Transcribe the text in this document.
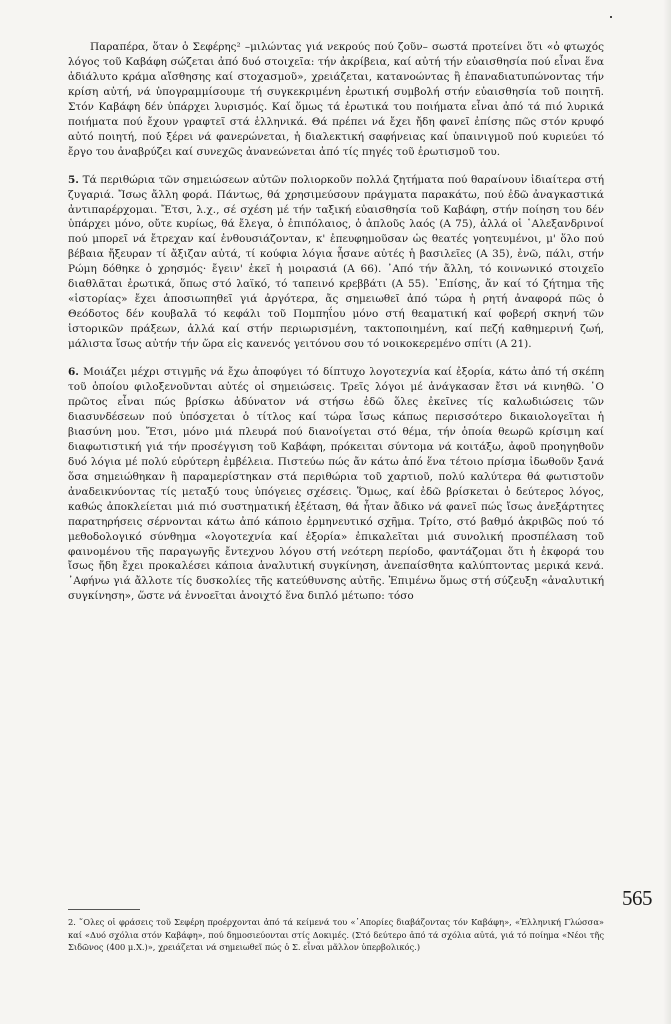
Παραπέρα, ὅταν ὁ Σεφέρης² –μιλώντας γιά νεκρούς πού ζοῦν– σωστά προτείνει ὅτι «ὁ φτωχός λόγος τοῦ Καβάφη σώζεται ἀπό δυό στοιχεῖα: τήν ἀκρίβεια, καί αὐτή τήν εὐαισθησία πού εἶναι ἕνα ἀδιάλυτο κράμα αἴσθησης καί στοχασμοῦ», χρειάζεται, κατανοώντας ἢ ἐπαναδιατυπώνοντας τήν κρίση αὐτή, νά ὑπογραμμίσουμε τή συγκεκριμένη ἐρωτική συμβολή στήν εὐαισθησία τοῦ ποιητῆ. Στόν Καβάφη δέν ὑπάρχει λυρισμός. Καί ὅμως τά ἐρωτικά του ποιήματα εἶναι ἀπό τά πιό λυρικά ποιήματα πού ἔχουν γραφτεῖ στά ἑλληνικά. Θά πρέπει νά ἔχει ἤδη φανεῖ ἐπίσης πῶς στόν κρυφό αὐτό ποιητή, πού ξέρει νά φανερώνεται, ἡ διαλεκτική σαφήνειας καί ὑπαινιγμοῦ πού κυριεύει τό ἔργο του ἀναβρύζει καί συνεχῶς ἀνανεώνεται ἀπό τίς πηγές τοῦ ἐρωτισμοῦ του.

5. Τά περιθώρια τῶν σημειώσεων αὐτῶν πολιορκοῦν πολλά ζητήματα πού θαραίνουν ἰδιαίτερα στή ζυγαριά. Ἴσως ἄλλη φορά. Πάντως, θά χρησιμεύσουν πράγματα παρακάτω, πού ἐδῶ ἀναγκαστικά ἀντιπαρέρχομαι. Ἔτσι, λ.χ., σέ σχέση μέ τήν ταξική εὐαισθησία τοῦ Καβάφη, στήν ποίηση του δέν ὑπάρχει μόνο, οὔτε κυρίως, θά ἔλεγα, ὁ ἐπιπόλαιος, ὁ ἁπλοῦς λαός (Α 75), ἀλλά οἱ ῾Αλεξανδρινοί πού μπορεῖ νά ἔτρεχαν καί ἐνθουσιάζονταν, κ' ἐπευφημοῦσαν ὡς θεατές γοητευμένοι, μ' ὅλο πού βέβαια ἤξευραν τί ἄξιζαν αὐτά, τί κούφια λόγια ἦσανε αὐτές ἡ βασιλεῖες (Α 35), ἐνῶ, πάλι, στήν Ρώμη δόθηκε ὁ χρησμός· ἔγειν' ἐκεῖ ἡ μοιρασιά (Α 66). ᾿Από τήν ἄλλη, τό κοινωνικό στοιχεῖο διαθλᾶται ἐρωτικά, ὅπως στό λαϊκό, τό ταπεινό κρεββάτι (Α 55). ᾿Επίσης, ἄν καί τό ζήτημα τῆς «ἱστορίας» ἔχει ἀποσιωπηθεῖ γιά ἀργότερα, ἄς σημειωθεῖ ἀπό τώρα ἡ ρητή ἀναφορά πῶς ὁ Θεόδοτος δέν κουβαλᾶ τό κεφάλι τοῦ Πομπηΐου μόνο στή θεαματική καί φοβερή σκηνή τῶν ἱστορικῶν πράξεων, ἀλλά καί στήν περιωρισμένη, τακτοποιημένη, καί πεζή καθημερινή ζωή, μάλιστα ἴσως αὐτήν τήν ὥρα εἰς κανενός γειτόνου σου τό νοικοκερεμένο σπίτι (Α 21).

6. Μοιάζει μέχρι στιγμῆς νά ἔχω ἀποφύγει τό δίπτυχο λογοτεχνία καί ἐξορία, κάτω ἀπό τή σκέπη τοῦ ὁποίου φιλοξενοῦνται αὐτές οἱ σημειώσεις. Τρεῖς λόγοι μέ ἀνάγκασαν ἔτσι νά κινηθῶ. ῾Ο πρῶτος εἶναι πώς βρίσκω ἀδύνατον νά στήσω ἐδῶ ὅλες ἐκεῖνες τίς καλωδιώσεις τῶν διασυνδέσεων πού ὑπόσχεται ὁ τίτλος καί τώρα ἴσως κάπως περισσότερο δικαιολογεῖται ἡ βιασύνη μου. Ἔτσι, μόνο μιά πλευρά πού διανοίγεται στό θέμα, τήν ὁποία θεωρῶ κρίσιμη καί διαφωτιστική γιά τήν προσέγγιση τοῦ Καβάφη, πρόκειται σύντομα νά κοιτάξω, ἀφοῦ προηγηθοῦν δυό λόγια μέ πολύ εὐρύτερη ἐμβέλεια. Πιστεύω πώς ἄν κάτω ἀπό ἕνα τέτοιο πρίσμα ἰδωθοῦν ξανά ὅσα σημειώθηκαν ἢ παραμερίστηκαν στά περιθώρια τοῦ χαρτιοῦ, πολύ καλύτερα θά φωτιστοῦν ἀναδεικνύοντας τίς μεταξύ τους ὑπόγειες σχέσεις. Ὅμως, καί ἐδῶ βρίσκεται ὁ δεύτερος λόγος, καθώς ἀποκλείεται μιά πιό συστηματική ἐξέταση, θά ἦταν ἄδικο νά φανεῖ πώς ἴσως ἀνεξάρτητες παρατηρήσεις σέρνονται κάτω ἀπό κάποιο ἑρμηνευτικό σχῆμα. Τρίτο, στό βαθμό ἀκριβῶς πού τό μεθοδολογικό σύνθημα «λογοτεχνία καί ἐξορία» ἐπικαλεῖται μιά συνολική προσπέλαση τοῦ φαινομένου τῆς παραγωγῆς ἔντεχνου λόγου στή νεότερη περίοδο, φαντάζομαι ὅτι ἡ ἐκφορά του ἴσως ἤδη ἔχει προκαλέσει κάποια ἀναλυτική συγκίνηση, ἀνεπαίσθητα καλύπτοντας μερικά κενά. ᾿Αφήνω γιά ἄλλοτε τίς δυσκολίες τῆς κατεύθυνσης αὐτῆς. Ἐπιμένω ὅμως στή σύζευξη «ἀναλυτική συγκίνηση», ὥστε νά ἐννοεῖται ἀνοιχτό ἕνα διπλό μέτωπο: τόσο

2. ῞Ολες οἱ φράσεις τοῦ Σεφέρη προέρχονται ἀπό τά κείμενά του «᾿Απορίες διαβάζοντας τόν Καβάφη», «Ἑλληνική Γλώσσα» καί «Δυό σχόλια στόν Καβάφη», πού δημοσιεύονται στίς Δοκιμές. (Στό δεύτερο ἀπό τά σχόλια αὐτά, γιά τό ποίημα «Νέοι τῆς Σιδῶνος (400 μ.Χ.)», χρειάζεται νά σημειωθεῖ πώς ὁ Σ. εἶναι μᾶλλον ὑπερβολικός.)

565
